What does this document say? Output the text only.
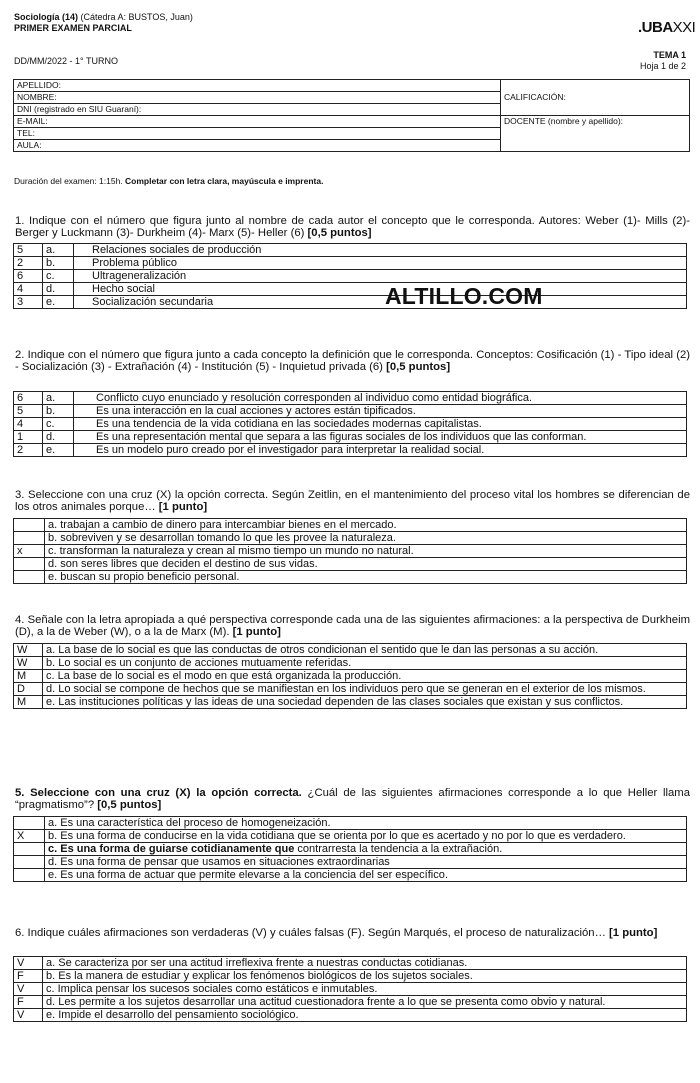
Sociología (14) (Cátedra A: BUSTOS, Juan)
PRIMER EXAMEN PARCIAL	.UBAXXI
DD/MM/2022 - 1° TURNO
TEMA 1
Hoja 1 de 2
APELLIDO:	CALIFICACIÓN:
NOMBRE:	
DNI (registrado en SIU Guaraní):	
E-MAIL:	DOCENTE (nombre y apellido):
TEL:	
AULA:	
Duración del examen: 1:15h. Completar con letra clara, mayúscula e imprenta.
1. Indique con el número que figura junto al nombre de cada autor el concepto que le corresponda. Autores: Weber (1)- Mills (2)- Berger y Luckmann (3)- Durkheim (4)- Marx (5)- Heller (6) [0,5 puntos]
5	a.	Relaciones sociales de producción
2	b.	Problema público
6	c.	Ultrageneralización
4	d.	Hecho social
3	e.	Socialización secundaria	ALTILLO.COM
2. Indique con el número que figura junto a cada concepto la definición que le corresponda. Conceptos: Cosificación (1) - Tipo ideal (2) - Socialización (3) - Extrañación (4) - Institución (5) - Inquietud privada (6) [0,5 puntos]
6	a.	Conflicto cuyo enunciado y resolución corresponden al individuo como entidad biográfica.
5	b.	Es una interacción en la cual acciones y actores están tipificados.
4	c.	Es una tendencia de la vida cotidiana en las sociedades modernas capitalistas.
1	d.	Es una representación mental que separa a las figuras sociales de los individuos que las conforman.
2	e.	Es un modelo puro creado por el investigador para interpretar la realidad social.
3. Seleccione con una cruz (X) la opción correcta. Según Zeitlin, en el mantenimiento del proceso vital los hombres se diferencian de los otros animales porque… [1 punto]
	a. trabajan a cambio de dinero para intercambiar bienes en el mercado.
	b. sobreviven y se desarrollan tomando lo que les provee la naturaleza.
x	c. transforman la naturaleza y crean al mismo tiempo un mundo no natural.
	d. son seres libres que deciden el destino de sus vidas.
	e. buscan su propio beneficio personal.
4. Señale con la letra apropiada a qué perspectiva corresponde cada una de las siguientes afirmaciones: a la perspectiva de Durkheim (D), a la de Weber (W), o a la de Marx (M). [1 punto]
W	a. La base de lo social es que las conductas de otros condicionan el sentido que le dan las personas a su acción.
W	b. Lo social es un conjunto de acciones mutuamente referidas.
M	c. La base de lo social es el modo en que está organizada la producción.
D	d. Lo social se compone de hechos que se manifiestan en los individuos pero que se generan en el exterior de los mismos.
M	e. Las instituciones políticas y las ideas de una sociedad dependen de las clases sociales que existan y sus conflictos.
5. Seleccione con una cruz (X) la opción correcta. ¿Cuál de las siguientes afirmaciones corresponde a lo que Heller llama “pragmatismo”? [0,5 puntos]
	a. Es una característica del proceso de homogeneización.
X	b. Es una forma de conducirse en la vida cotidiana que se orienta por lo que es acertado y no por lo que es verdadero.
	c. Es una forma de guiarse cotidianamente que contrarresta la tendencia a la extrañación.
	d. Es una forma de pensar que usamos en situaciones extraordinarias
	e. Es una forma de actuar que permite elevarse a la conciencia del ser específico.
6. Indique cuáles afirmaciones son verdaderas (V) y cuáles falsas (F). Según Marqués, el proceso de naturalización… [1 punto]
V	a. Se caracteriza por ser una actitud irreflexiva frente a nuestras conductas cotidianas.
F	b. Es la manera de estudiar y explicar los fenómenos biológicos de los sujetos sociales.
V	c. Implica pensar los sucesos sociales como estáticos e inmutables.
F	d. Les permite a los sujetos desarrollar una actitud cuestionadora frente a lo que se presenta como obvio y natural.
V	e. Impide el desarrollo del pensamiento sociológico.
